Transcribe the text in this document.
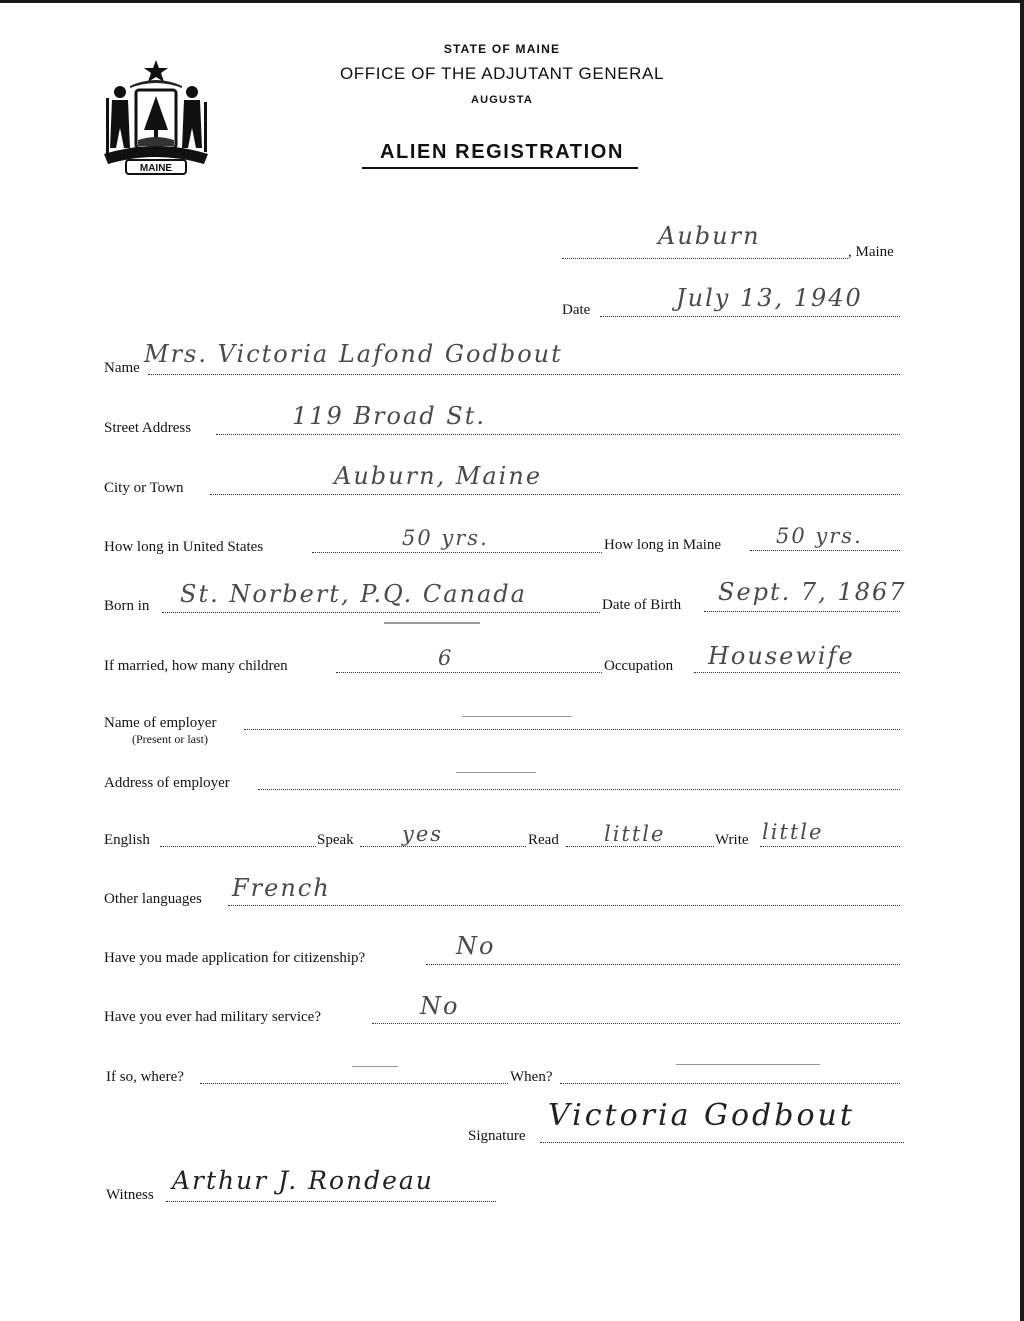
MAINE
STATE OF MAINE
OFFICE OF THE ADJUTANT GENERAL
AUGUSTA
ALIEN REGISTRATION
Auburn
, Maine
Date	July 13, 1940
Name Mrs. Victoria Lafond Godbout
Street Address	119 Broad St.
City or Town	Auburn, Maine
How long in United States	50 yrs.	How long in Maine	50 yrs.
Born in St. Norbert, P.Q. Canada	Date of Birth Sept. 7, 1867
If married, how many children	6	Occupation Housewife
Name of employer
(Present or last)
Address of employer
English	Speak yes	Read little	Write little
Other languages French
Have you made application for citizenship?	No
Have you ever had military service?	No
If so, where?	When?
Signature
Victoria Godbout
Witness Arthur J. Rondeau
